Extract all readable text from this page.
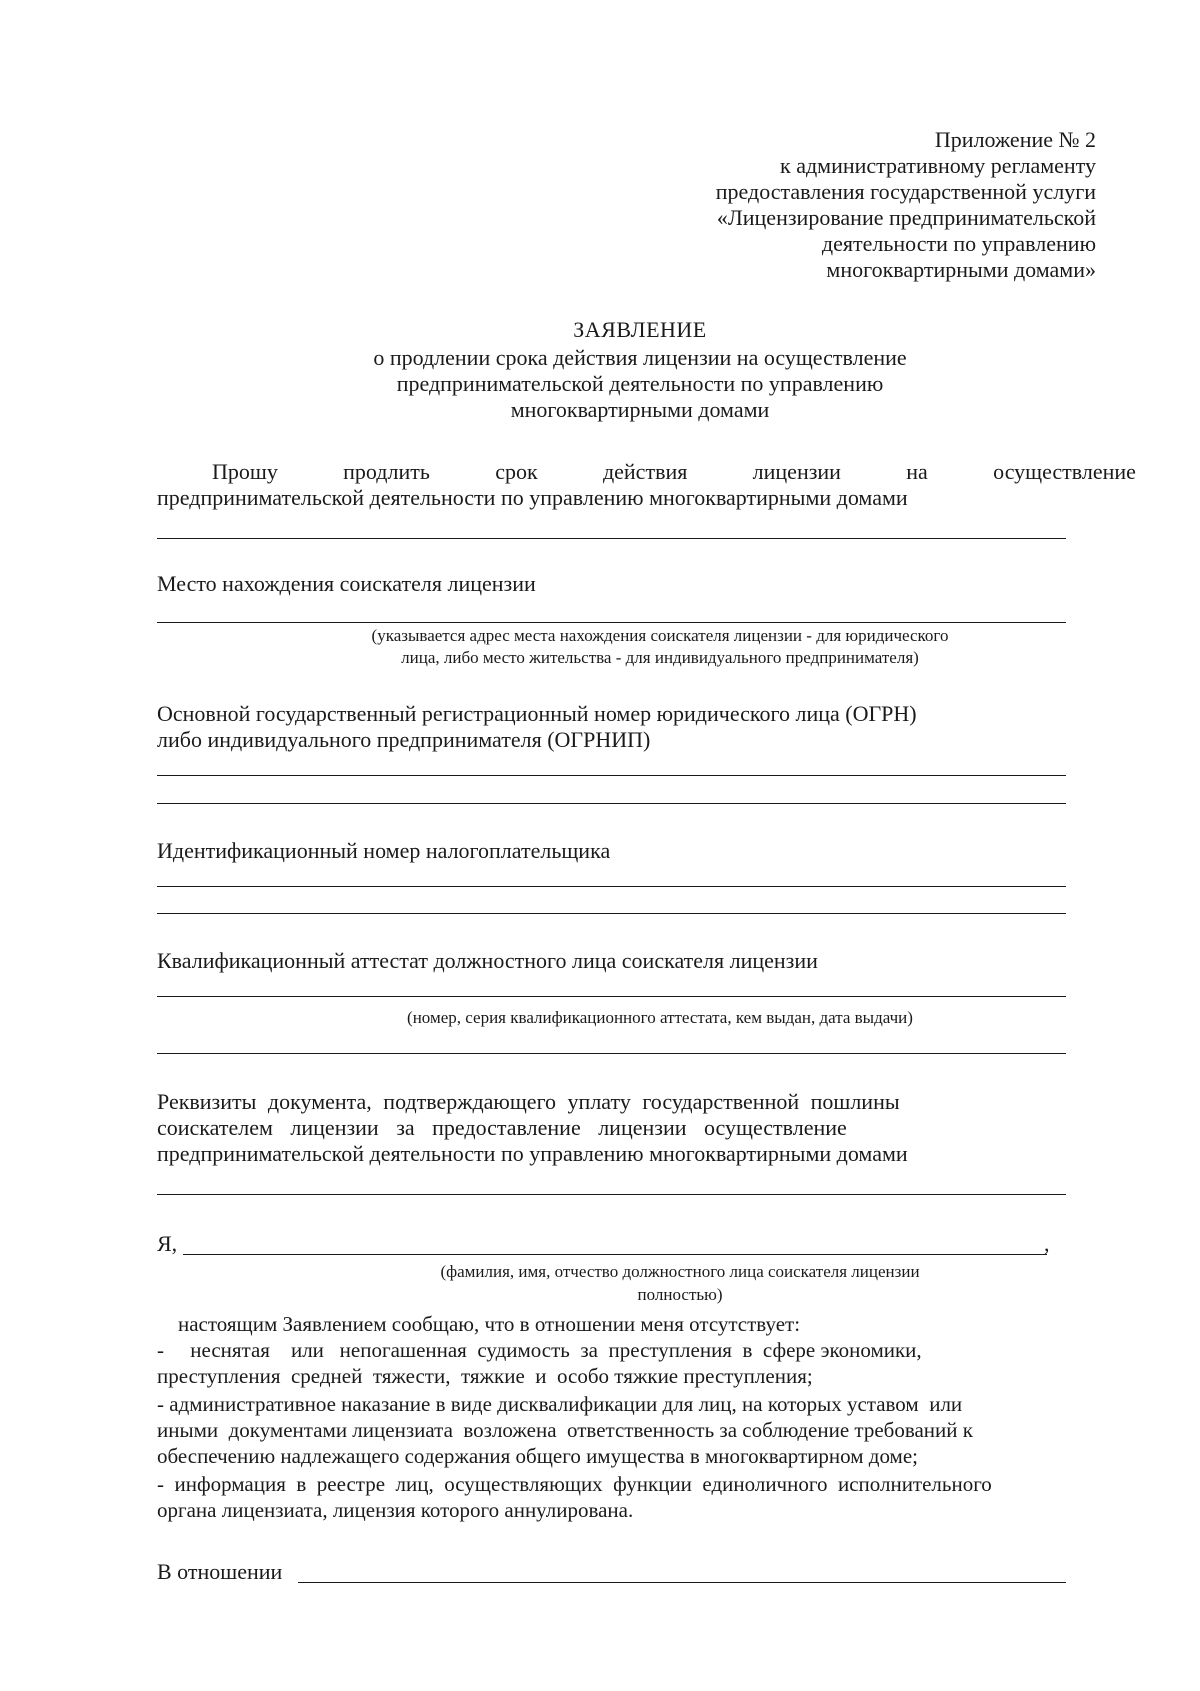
Приложение № 2
к административному регламенту
предоставления государственной услуги
«Лицензирование предпринимательской
деятельности по управлению
многоквартирными домами»
ЗАЯВЛЕНИЕ
о продлении срока действия лицензии на осуществление
предпринимательской деятельности по управлению
многоквартирными домами
Прошу	продлить	срок	действия	лицензии	на	осуществление
предпринимательской деятельности по управлению многоквартирными домами
Место нахождения соискателя лицензии
(указывается адрес места нахождения соискателя лицензии - для юридического
лица, либо место жительства - для индивидуального предпринимателя)
Основной государственный регистрационный номер юридического лица (ОГРН)
либо индивидуального предпринимателя (ОГРНИП)
Идентификационный номер налогоплательщика
Квалификационный аттестат должностного лица соискателя лицензии
(номер, серия квалификационного аттестата, кем выдан, дата выдачи)
Реквизиты документа, подтверждающего уплату государственной пошлины
соискателем лицензии за предоставление лицензии осуществление
предпринимательской деятельности по управлению многоквартирными домами
Я,	,
(фамилия, имя, отчество должностного лица соискателя лицензии
полностью)
настоящим Заявлением сообщаю, что в отношении меня отсутствует:
-     неснятая    или   непогашенная  судимость  за  преступления  в  сфере экономики,
преступления  средней  тяжести,  тяжкие  и  особо тяжкие преступления;
- административное наказание в виде дисквалификации для лиц, на которых уставом  или
иными  документами лицензиата  возложена  ответственность за соблюдение требований к
обеспечению надлежащего содержания общего имущества в многоквартирном доме;
-  информация  в  реестре  лиц,  осуществляющих  функции  единоличного  исполнительного
органа лицензиата, лицензия которого аннулирована.
В отношении
